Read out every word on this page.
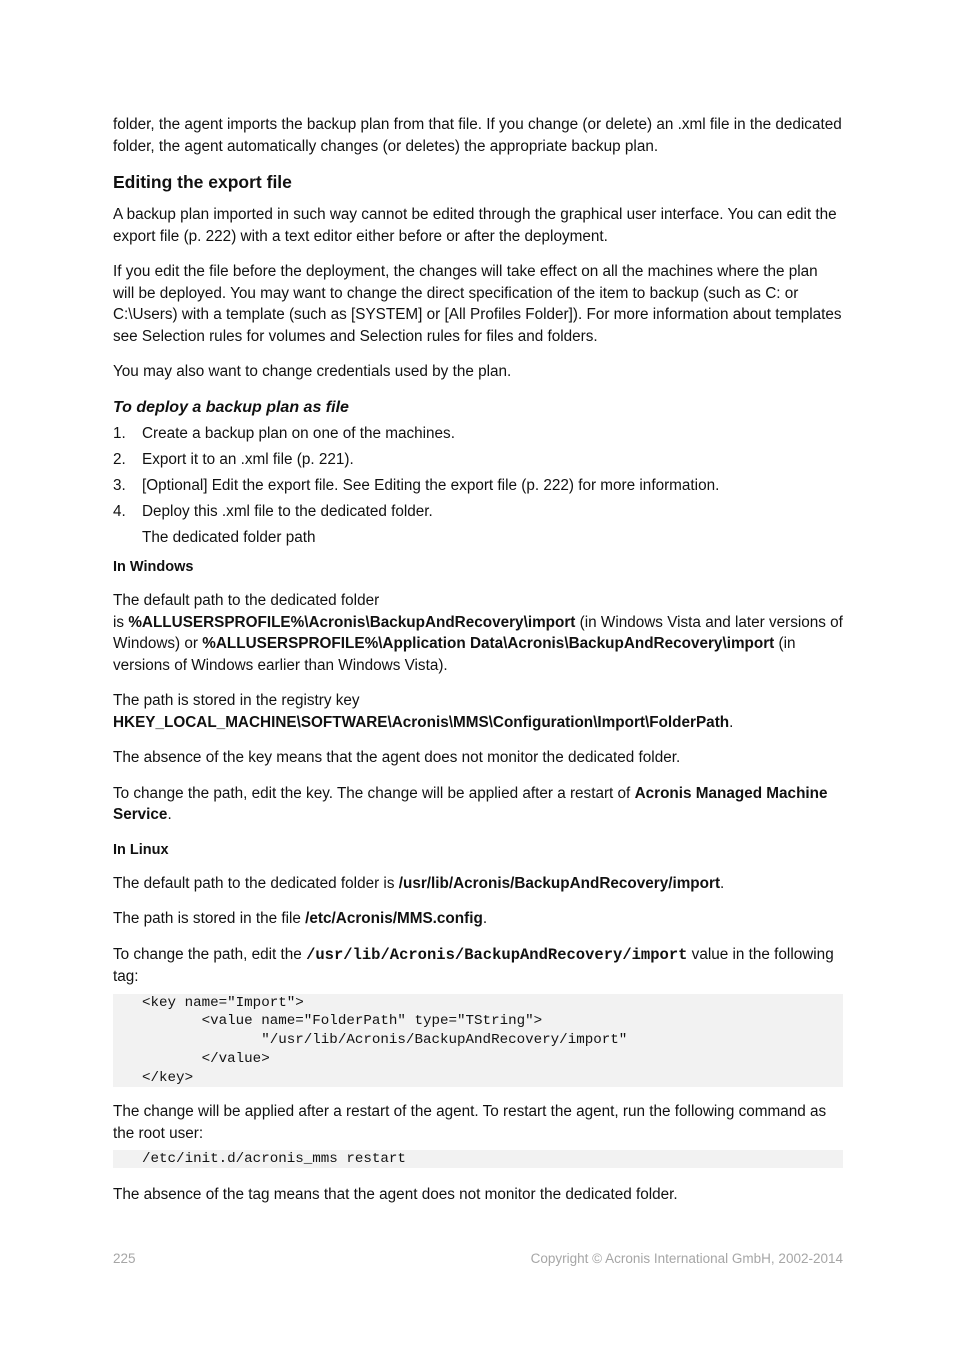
folder, the agent imports the backup plan from that file. If you change (or delete) an .xml file in the dedicated folder, the agent automatically changes (or deletes) the appropriate backup plan.

Editing the export file

A backup plan imported in such way cannot be edited through the graphical user interface. You can edit the export file (p. 222) with a text editor either before or after the deployment.

If you edit the file before the deployment, the changes will take effect on all the machines where the plan will be deployed. You may want to change the direct specification of the item to backup (such as C: or C:\Users) with a template (such as [SYSTEM] or [All Profiles Folder]). For more information about templates see Selection rules for volumes and Selection rules for files and folders.

You may also want to change credentials used by the plan.

To deploy a backup plan as file
1. Create a backup plan on one of the machines.
2. Export it to an .xml file (p. 221).
3. [Optional] Edit the export file. See Editing the export file (p. 222) for more information.
4. Deploy this .xml file to the dedicated folder.

The dedicated folder path

In Windows

The default path to the dedicated folder
is %ALLUSERSPROFILE%\Acronis\BackupAndRecovery\import (in Windows Vista and later versions of Windows) or %ALLUSERSPROFILE%\Application Data\Acronis\BackupAndRecovery\import (in versions of Windows earlier than Windows Vista).

The path is stored in the registry key
HKEY_LOCAL_MACHINE\SOFTWARE\Acronis\MMS\Configuration\Import\FolderPath.

The absence of the key means that the agent does not monitor the dedicated folder.

To change the path, edit the key. The change will be applied after a restart of Acronis Managed Machine Service.

In Linux

The default path to the dedicated folder is /usr/lib/Acronis/BackupAndRecovery/import.

The path is stored in the file /etc/Acronis/MMS.config.

To change the path, edit the /usr/lib/Acronis/BackupAndRecovery/import value in the following tag:

<key name="Import">
<value name="FolderPath" type="TString">
"/usr/lib/Acronis/BackupAndRecovery/import"
</value>
</key>

The change will be applied after a restart of the agent. To restart the agent, run the following command as the root user:

/etc/init.d/acronis_mms restart

The absence of the tag means that the agent does not monitor the dedicated folder.

225	Copyright © Acronis International GmbH, 2002-2014
